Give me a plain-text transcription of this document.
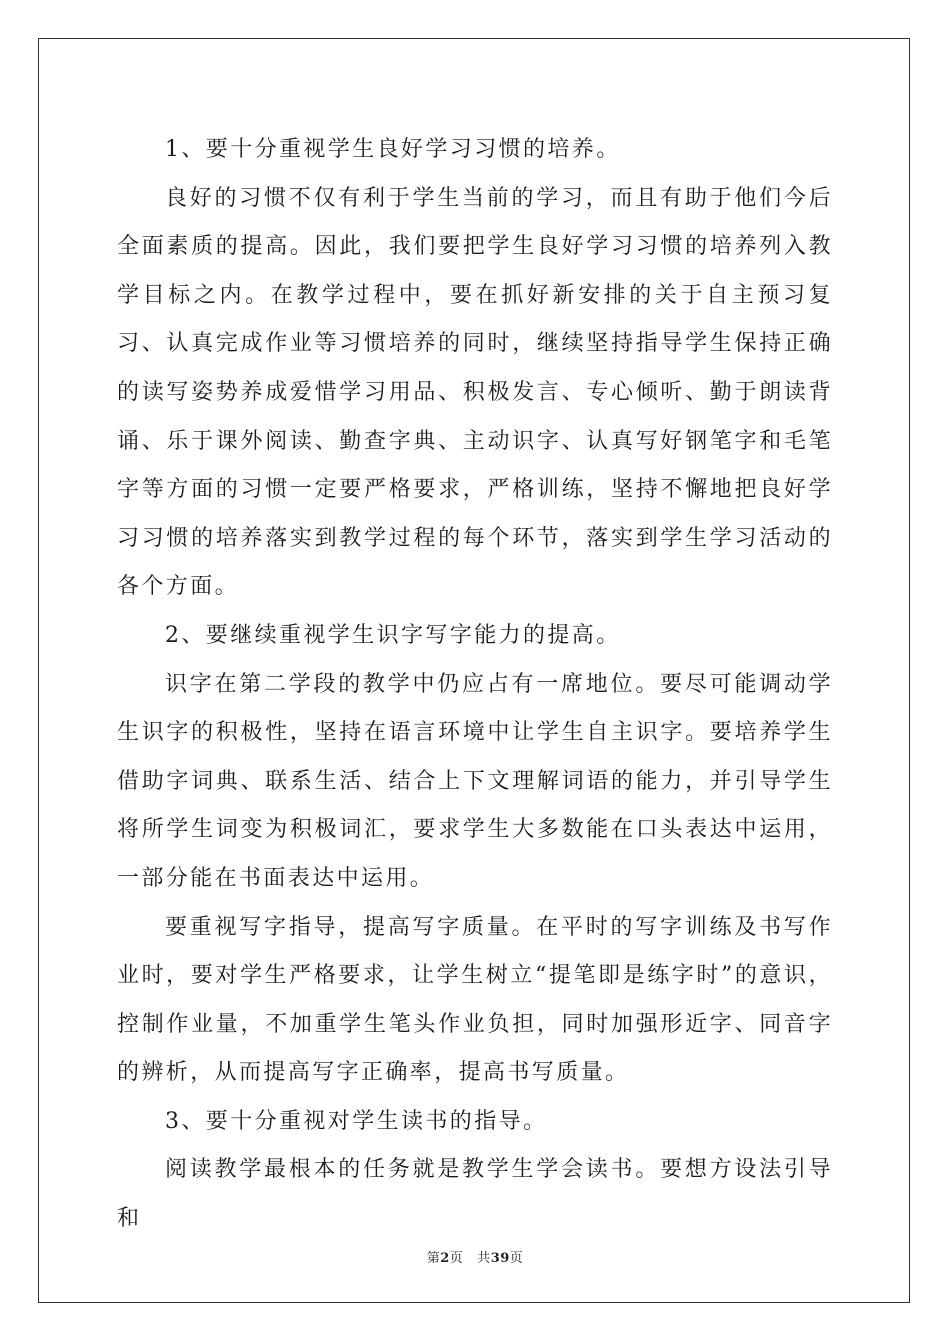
1、要十分重视学生良好学习习惯的培养。

良好的习惯不仅有利于学生当前的学习，而且有助于他们今后全面素质的提高。因此，我们要把学生良好学习习惯的培养列入教学目标之内。在教学过程中，要在抓好新安排的关于自主预习复习、认真完成作业等习惯培养的同时，继续坚持指导学生保持正确的读写姿势养成爱惜学习用品、积极发言、专心倾听、勤于朗读背诵、乐于课外阅读、勤查字典、主动识字、认真写好钢笔字和毛笔字等方面的习惯一定要严格要求，严格训练，坚持不懈地把良好学习习惯的培养落实到教学过程的每个环节，落实到学生学习活动的各个方面。

2、要继续重视学生识字写字能力的提高。

识字在第二学段的教学中仍应占有一席地位。要尽可能调动学生识字的积极性，坚持在语言环境中让学生自主识字。要培养学生借助字词典、联系生活、结合上下文理解词语的能力，并引导学生将所学生词变为积极词汇，要求学生大多数能在口头表达中运用，一部分能在书面表达中运用。

要重视写字指导，提高写字质量。在平时的写字训练及书写作业时，要对学生严格要求，让学生树立“提笔即是练字时”的意识，控制作业量，不加重学生笔头作业负担，同时加强形近字、同音字的辨析，从而提高写字正确率，提高书写质量。

3、要十分重视对学生读书的指导。

阅读教学最根本的任务就是教学生学会读书。要想方设法引导和

第2页 共39页
